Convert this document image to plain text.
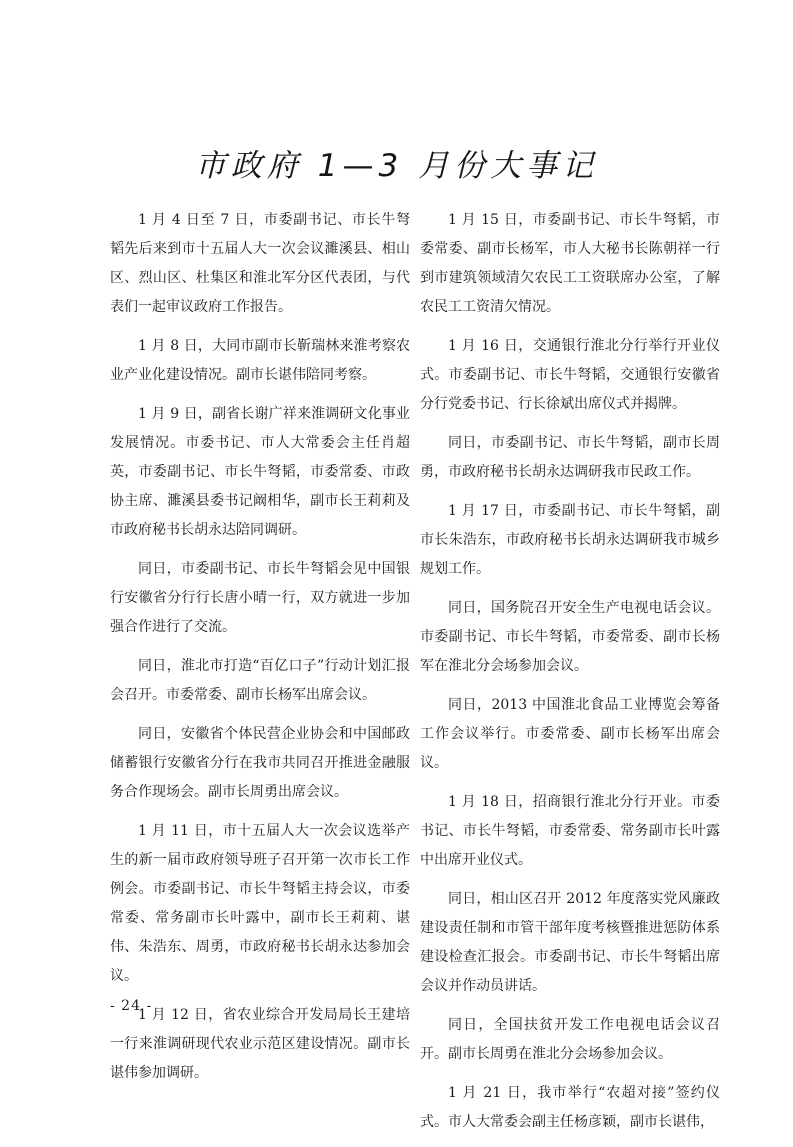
市政府 1—3 月份大事记

1 月 4 日至 7 日，市委副书记、市长牛弩韬先后来到市十五届人大一次会议濉溪县、相山区、烈山区、杜集区和淮北军分区代表团，与代表们一起审议政府工作报告。

1 月 8 日，大同市副市长靳瑞林来淮考察农业产业化建设情况。副市长谌伟陪同考察。

1 月 9 日，副省长谢广祥来淮调研文化事业发展情况。市委书记、市人大常委会主任肖超英，市委副书记、市长牛弩韬，市委常委、市政协主席、濉溪县委书记阚相华，副市长王莉莉及市政府秘书长胡永达陪同调研。

同日，市委副书记、市长牛弩韬会见中国银行安徽省分行行长唐小晴一行，双方就进一步加强合作进行了交流。

同日，淮北市打造“百亿口子”行动计划汇报会召开。市委常委、副市长杨军出席会议。

同日，安徽省个体民营企业协会和中国邮政储蓄银行安徽省分行在我市共同召开推进金融服务合作现场会。副市长周勇出席会议。

1 月 11 日，市十五届人大一次会议选举产生的新一届市政府领导班子召开第一次市长工作例会。市委副书记、市长牛弩韬主持会议，市委常委、常务副市长叶露中，副市长王莉莉、谌伟、朱浩东、周勇，市政府秘书长胡永达参加会议。

1 月 12 日，省农业综合开发局局长王建培一行来淮调研现代农业示范区建设情况。副市长谌伟参加调研。

1 月 15 日，市委副书记、市长牛弩韬，市委常委、副市长杨军，市人大秘书长陈朝祥一行到市建筑领域清欠农民工工资联席办公室，了解农民工工资清欠情况。

1 月 16 日，交通银行淮北分行举行开业仪式。市委副书记、市长牛弩韬，交通银行安徽省分行党委书记、行长徐斌出席仪式并揭牌。

同日，市委副书记、市长牛弩韬，副市长周勇，市政府秘书长胡永达调研我市民政工作。

1 月 17 日，市委副书记、市长牛弩韬，副市长朱浩东，市政府秘书长胡永达调研我市城乡规划工作。

同日，国务院召开安全生产电视电话会议。市委副书记、市长牛弩韬，市委常委、副市长杨军在淮北分会场参加会议。

同日，2013 中国淮北食品工业博览会筹备工作会议举行。市委常委、副市长杨军出席会议。

1 月 18 日，招商银行淮北分行开业。市委书记、市长牛弩韬，市委常委、常务副市长叶露中出席开业仪式。

同日，相山区召开 2012 年度落实党风廉政建设责任制和市管干部年度考核暨推进惩防体系建设检查汇报会。市委副书记、市长牛弩韬出席会议并作动员讲话。

同日，全国扶贫开发工作电视电话会议召开。副市长周勇在淮北分会场参加会议。

1 月 21 日，我市举行“农超对接”签约仪式。市人大常委会副主任杨彦颖，副市长谌伟，

- 24 -
